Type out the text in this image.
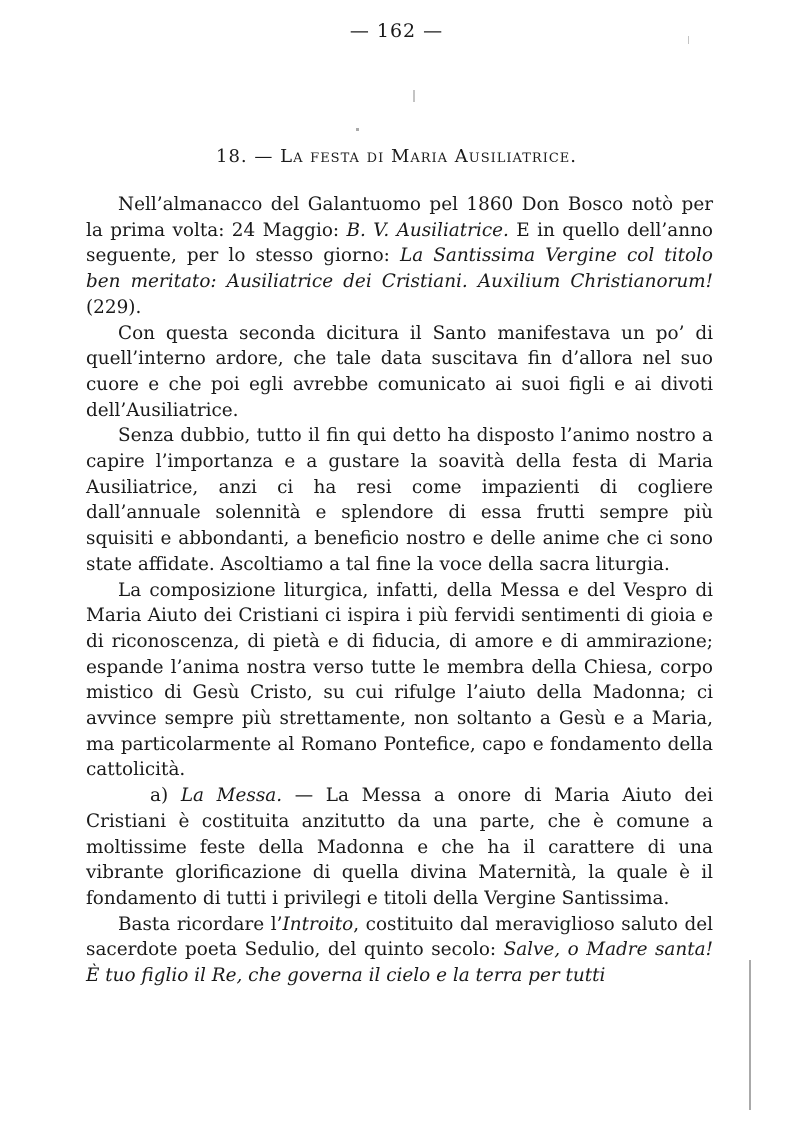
— 162 —
18. — La festa di Maria Ausiliatrice.

Nell’almanacco del Galantuomo pel 1860 Don Bosco notò per la prima volta: 24 Maggio: B. V. Ausiliatrice. E in quello dell’anno seguente, per lo stesso giorno: La Santissima Vergine col titolo ben meritato: Ausiliatrice dei Cristiani. Auxilium Christianorum! (229).

Con questa seconda dicitura il Santo manifestava un po’ di quell’interno ardore, che tale data suscitava fin d’allora nel suo cuore e che poi egli avrebbe comunicato ai suoi figli e ai divoti dell’Ausiliatrice.

Senza dubbio, tutto il fin qui detto ha disposto l’animo nostro a capire l’importanza e a gustare la soavità della festa di Maria Ausiliatrice, anzi ci ha resi come impazienti di cogliere dall’annuale solennità e splendore di essa frutti sempre più squisiti e abbondanti, a beneficio nostro e delle anime che ci sono state affidate. Ascoltiamo a tal fine la voce della sacra liturgia.

La composizione liturgica, infatti, della Messa e del Vespro di Maria Aiuto dei Cristiani ci ispira i più fervidi sentimenti di gioia e di riconoscenza, di pietà e di fiducia, di amore e di ammirazione; espande l’anima nostra verso tutte le membra della Chiesa, corpo mistico di Gesù Cristo, su cui rifulge l’aiuto della Madonna; ci avvince sempre più strettamente, non soltanto a Gesù e a Maria, ma particolarmente al Romano Pontefice, capo e fondamento della cattolicità.

a) La Messa. — La Messa a onore di Maria Aiuto dei Cristiani è costituita anzitutto da una parte, che è comune a moltissime feste della Madonna e che ha il carattere di una vibrante glorificazione di quella divina Maternità, la quale è il fondamento di tutti i privilegi e titoli della Vergine Santissima.

Basta ricordare l’Introito, costituito dal meraviglioso saluto del sacerdote poeta Sedulio, del quinto secolo: Salve, o Madre santa! È tuo figlio il Re, che governa il cielo e la terra per tutti
